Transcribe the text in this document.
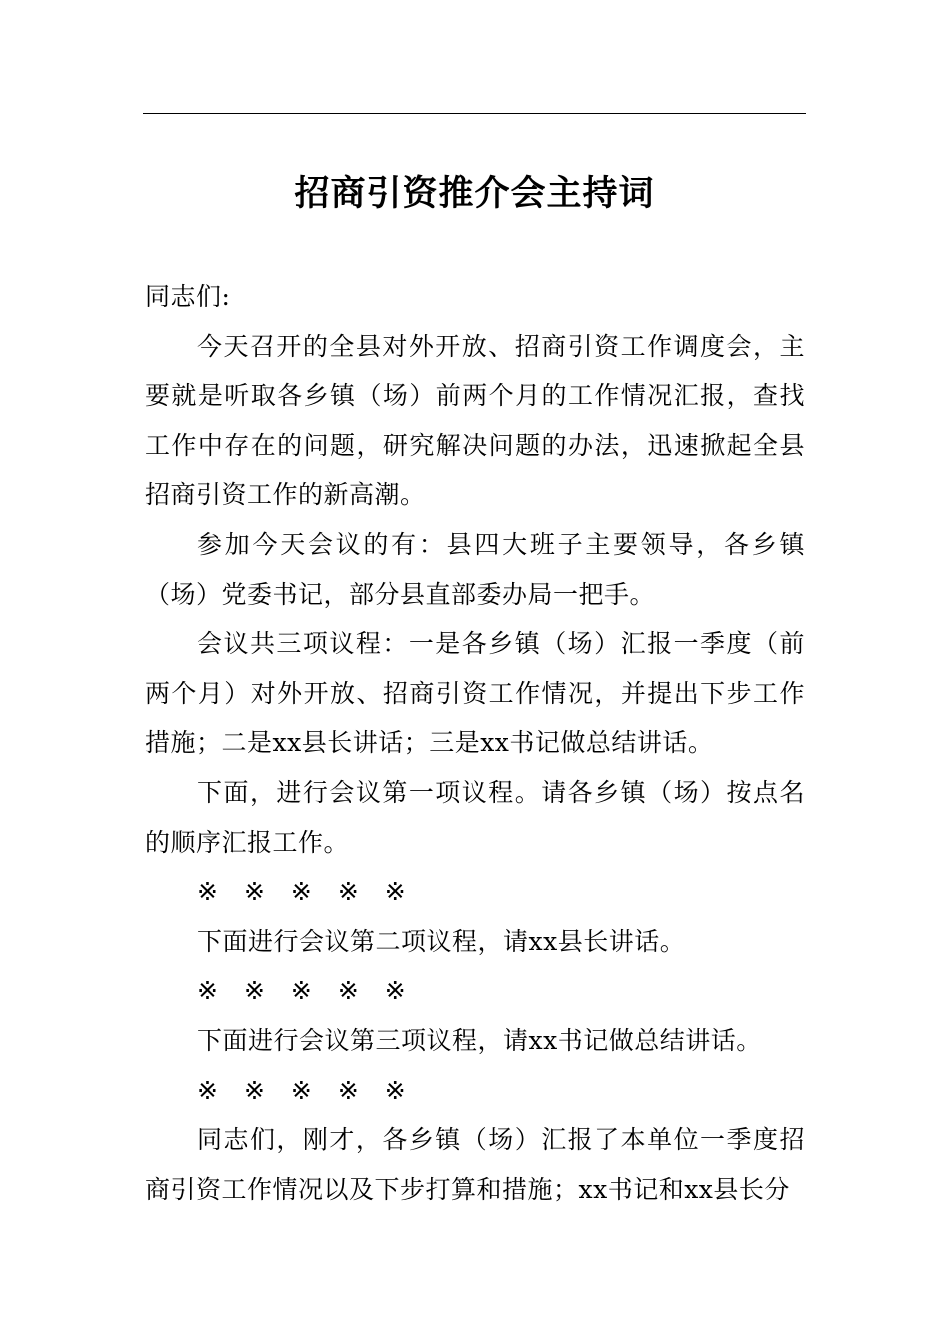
招商引资推介会主持词

同志们:

今天召开的全县对外开放、招商引资工作调度会，主要就是听取各乡镇（场）前两个月的工作情况汇报，查找工作中存在的问题，研究解决问题的办法，迅速掀起全县招商引资工作的新高潮。

参加今天会议的有：县四大班子主要领导，各乡镇（场）党委书记，部分县直部委办局一把手。

会议共三项议程：一是各乡镇（场）汇报一季度（前两个月）对外开放、招商引资工作情况，并提出下步工作措施；二是xx县长讲话；三是xx书记做总结讲话。

下面，进行会议第一项议程。请各乡镇（场）按点名的顺序汇报工作。

※　※　※　※　※

下面进行会议第二项议程，请xx县长讲话。

※　※　※　※　※

下面进行会议第三项议程，请xx书记做总结讲话。

※　※　※　※　※

同志们，刚才，各乡镇（场）汇报了本单位一季度招商引资工作情况以及下步打算和措施；xx书记和xx县长分
